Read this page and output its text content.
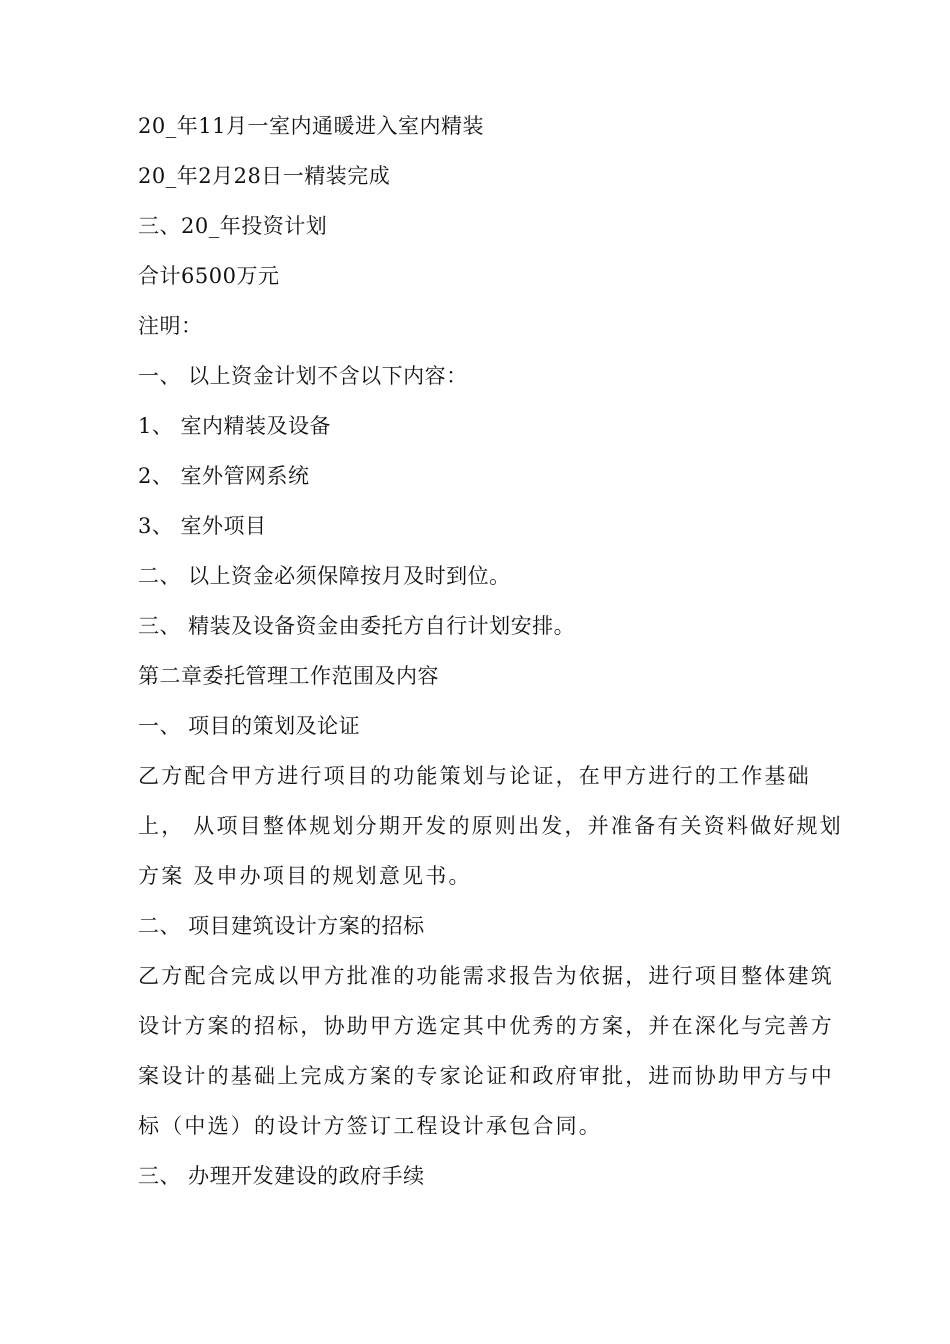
20_年11月一室内通暖进入室内精装
20_年2月28日一精装完成
三、20_年投资计划
合计6500万元
注明：
一、 以上资金计划不含以下内容：
1、 室内精装及设备
2、 室外管网系统
3、 室外项目
二、 以上资金必须保障按月及时到位。
三、 精装及设备资金由委托方自行计划安排。
第二章委托管理工作范围及内容
一、 项目的策划及论证
乙方配合甲方进行项目的功能策划与论证，在甲方进行的工作基础
上， 从项目整体规划分期开发的原则出发，并准备有关资料做好规划
方案 及申办项目的规划意见书。
二、 项目建筑设计方案的招标
乙方配合完成以甲方批准的功能需求报告为依据，进行项目整体建筑
设计方案的招标，协助甲方选定其中优秀的方案，并在深化与完善方
案设计的基础上完成方案的专家论证和政府审批，进而协助甲方与中
标（中选）的设计方签订工程设计承包合同。
三、 办理开发建设的政府手续
